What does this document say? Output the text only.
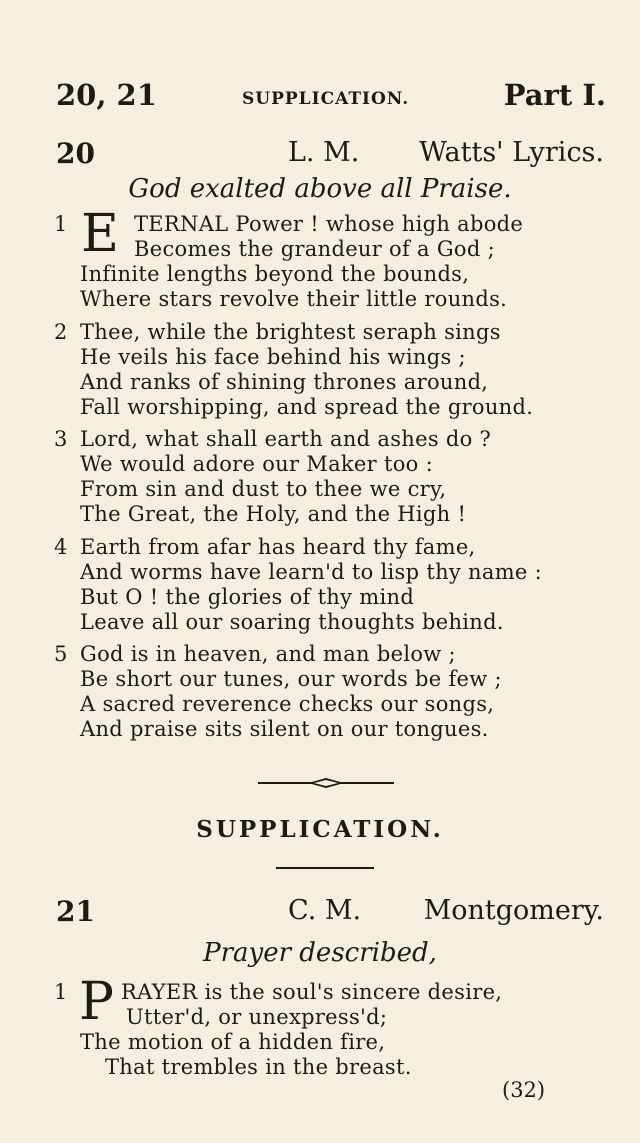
20, 21	SUPPLICATION.	Part I.
20	L. M. Watts' Lyrics.
God exalted above all Praise.
1 E TERNAL Power ! whose high abode
Becomes the grandeur of a God ;
Infinite lengths beyond the bounds,
Where stars revolve their little rounds.
2 Thee, while the brightest seraph sings
He veils his face behind his wings ;
And ranks of shining thrones around,
Fall worshipping, and spread the ground.
3 Lord, what shall earth and ashes do ?
We would adore our Maker too :
From sin and dust to thee we cry,
The Great, the Holy, and the High !
4 Earth from afar has heard thy fame,
And worms have learn'd to lisp thy name :
But O ! the glories of thy mind
Leave all our soaring thoughts behind.
5 God is in heaven, and man below ;
Be short our tunes, our words be few ;
A sacred reverence checks our songs,
And praise sits silent on our tongues.
SUPPLICATION.
21	C. M. Montgomery.
Prayer described,
1 P RAYER is the soul's sincere desire,
Utter'd, or unexpress'd;
The motion of a hidden fire,
That trembles in the breast.
(32)
